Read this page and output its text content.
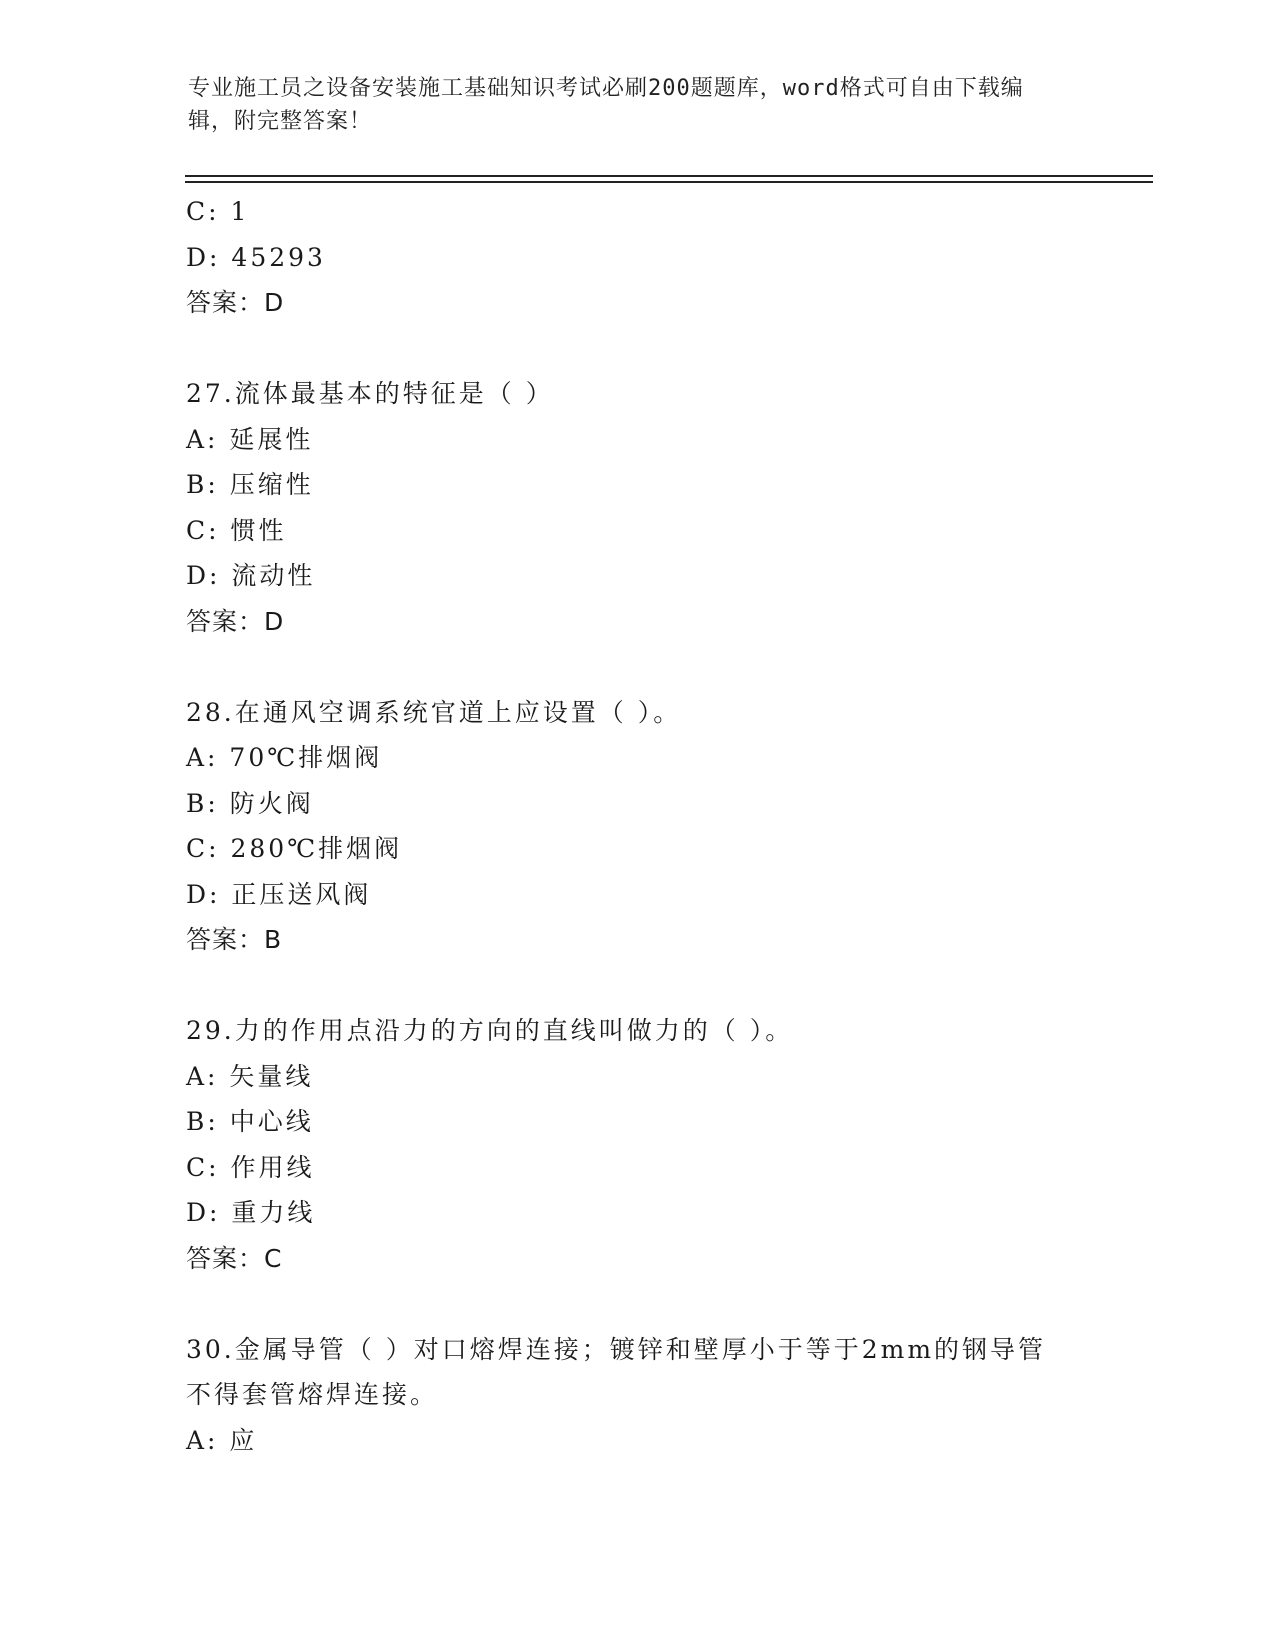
专业施工员之设备安装施工基础知识考试必刷200题题库，word格式可自由下载编辑，附完整答案！
C: 1
D: 45293
答案：D
27.流体最基本的特征是（ ）
A: 延展性
B: 压缩性
C: 惯性
D: 流动性
答案：D
28.在通风空调系统官道上应设置（ ）。
A: 70℃排烟阀
B: 防火阀
C: 280℃排烟阀
D: 正压送风阀
答案：B
29.力的作用点沿力的方向的直线叫做力的（ ）。
A: 矢量线
B: 中心线
C: 作用线
D: 重力线
答案：C
30.金属导管（ ）对口熔焊连接；镀锌和壁厚小于等于2mm的钢导管
不得套管熔焊连接。
A: 应
